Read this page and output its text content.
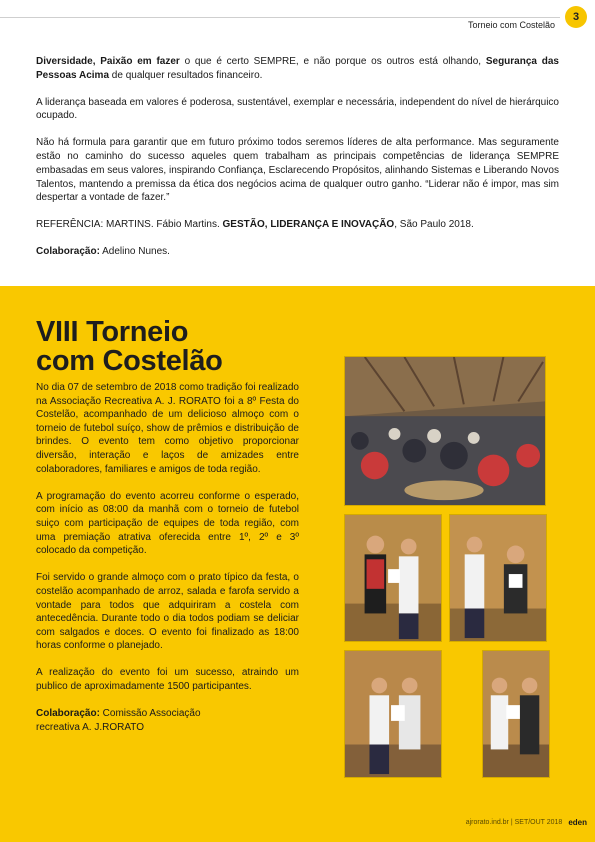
Torneio com Costelão
3

Diversidade, Paixão em fazer o que é certo SEMPRE, e não porque os outros está olhando, Segurança das Pessoas Acima de qualquer resultados financeiro.

A liderança baseada em valores é poderosa, sustentável, exemplar e necessária, independent do nível de hierárquico ocupado.

Não há formula para garantir que em futuro próximo todos seremos líderes de alta performance. Mas seguramente estão no caminho do sucesso aqueles quem trabalham as principais competências de liderança SEMPRE embasadas em seus valores, inspirando Confiança, Esclarecendo Propósitos, alinhando Sistemas e Liberando Novos Talentos, mantendo a premissa da ética dos negócios acima de qualquer outro ganho. “Liderar não é impor, mas sim despertar a vontade de fazer.”

REFERÊNCIA: MARTINS. Fábio Martins. GESTÃO, LIDERANÇA E INOVAÇÃO, São Paulo 2018.

Colaboração: Adelino Nunes.

VIII Torneio
com Costelão

No dia 07 de setembro de 2018 como tradição foi realizado na Associação Recreativa A. J. RORATO foi a 8º Festa do Costelão, acompanhado de um delicioso almoço com o torneio de futebol suíço, show de prêmios e distribuição de brindes. O evento tem como objetivo proporcionar diversão, interação e laços de amizades entre colaboradores, familiares e amigos de toda região.

A programação do evento acorreu conforme o esperado, com início as 08:00 da manhã com o torneio de futebol suiço com participação de equipes de toda região, com uma premiação atrativa oferecida entre 1º, 2º e 3º colocado da competição.

Foi servido o grande almoço com o prato típico da festa, o costelão acompanhado de arroz, salada e farofa servido a vontade para todos que adquiriram a costela com antecedência. Durante todo o dia todos podiam se deliciar com salgados e doces. O evento foi finalizado as 18:00 horas conforme o planejado.

A realização do evento foi um sucesso, atraindo um publico de aproximadamente 1500 participantes.

Colaboração: Comissão Associação
recreativa A. J.RORATO

ajrorato.ind.br | SET/OUT 2018 eden
